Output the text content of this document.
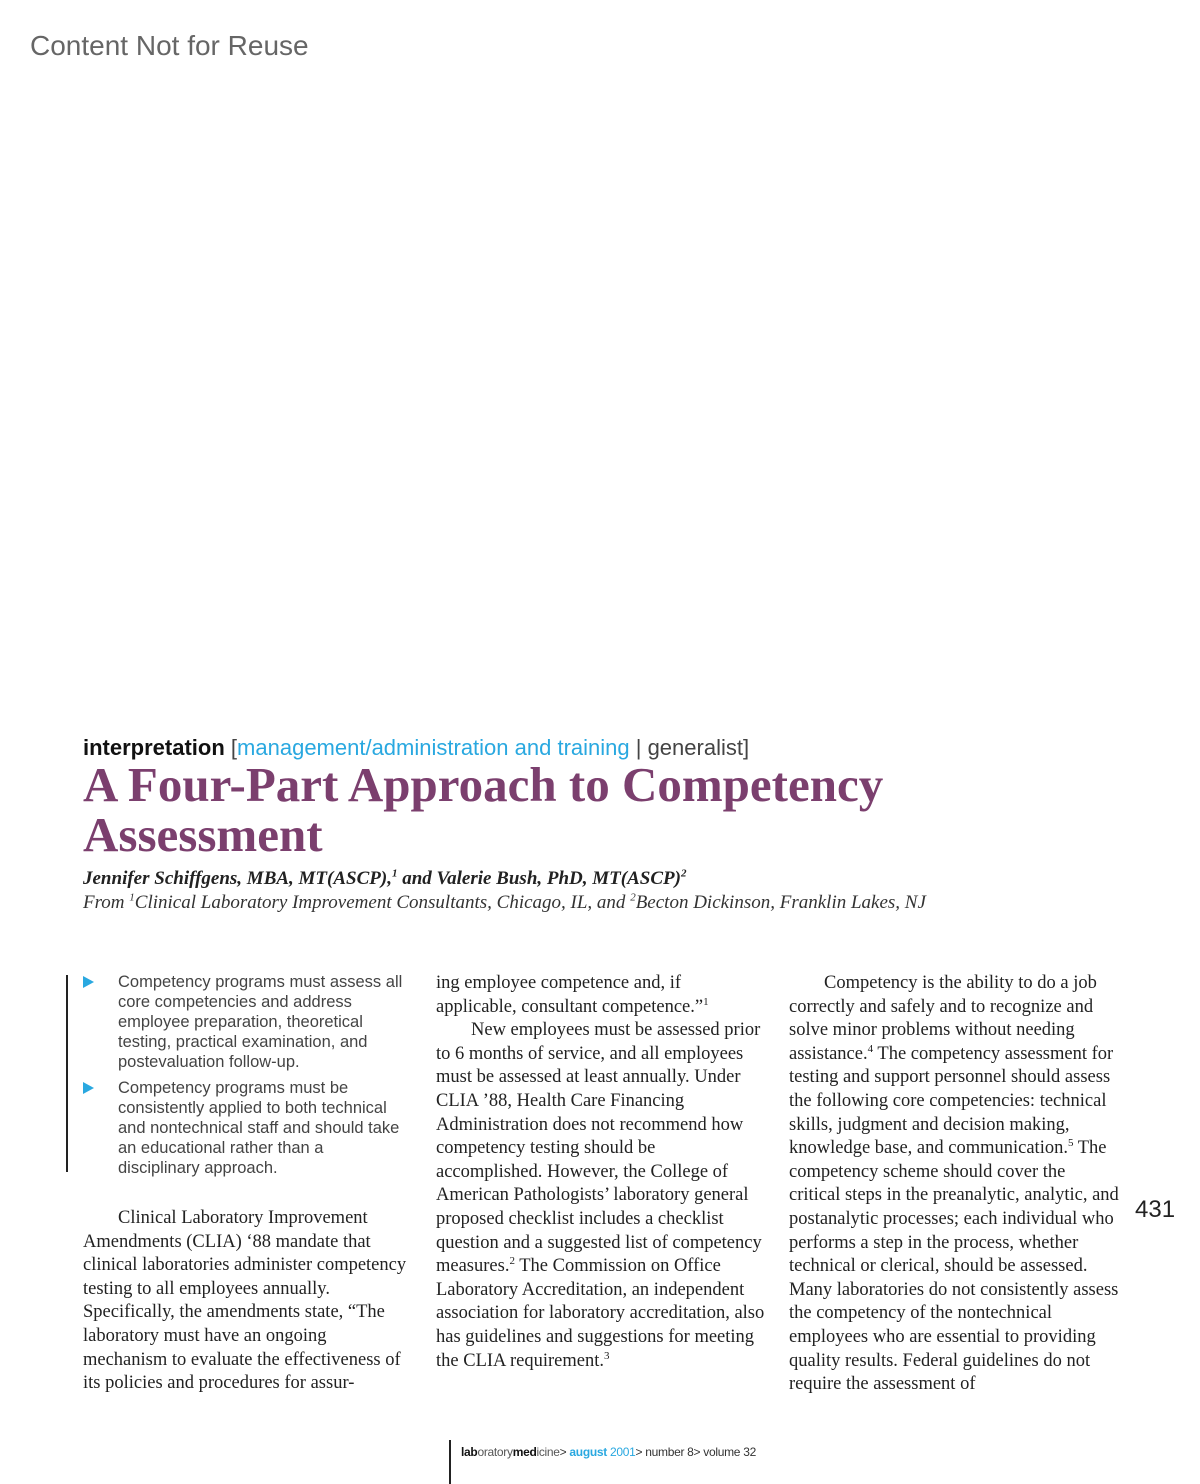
Content Not for Reuse
interpretation [management/administration and training | generalist]
A Four-Part Approach to Competency Assessment
Jennifer Schiffgens, MBA, MT(ASCP),$^1$ and Valerie Bush, PhD, MT(ASCP)$^2$
From $^1$Clinical Laboratory Improvement Consultants, Chicago, IL, and $^2$Becton Dickinson, Franklin Lakes, NJ
Competency programs must assess all core competencies and address employee preparation, theoretical testing, practical examination, and postevaluation follow-up.
Competency programs must be consistently applied to both technical and nontechnical staff and should take an educational rather than a disciplinary approach.

Clinical Laboratory Improvement Amendments (CLIA) ‘88 mandate that clinical laboratories administer competency testing to all employees annually. Specifically, the amendments state, “The laboratory must have an ongoing mechanism to evaluate the effectiveness of its policies and procedures for assur-

ing employee competence and, if applicable, consultant competence.”$^1$

New employees must be assessed prior to 6 months of service, and all employees must be assessed at least annually. Under CLIA ’88, Health Care Financing Administration does not recommend how competency testing should be accomplished. However, the College of American Pathologists’ laboratory general proposed checklist includes a checklist question and a suggested list of competency measures.$^2$ The Commission on Office Laboratory Accreditation, an independent association for laboratory accreditation, also has guidelines and suggestions for meeting the CLIA requirement.$^3$

Competency is the ability to do a job correctly and safely and to recognize and solve minor problems without needing assistance.$^4$ The competency assessment for testing and support personnel should assess the following core competencies: technical skills, judgment and decision making, knowledge base, and communication.$^5$ The competency scheme should cover the critical steps in the preanalytic, analytic, and postanalytic processes; each individual who performs a step in the process, whether technical or clerical, should be assessed. Many laboratories do not consistently assess the competency of the nontechnical employees who are essential to providing quality results. Federal guidelines do not require the assessment of

431
laboratorymedicine> august 2001> number 8> volume 32
